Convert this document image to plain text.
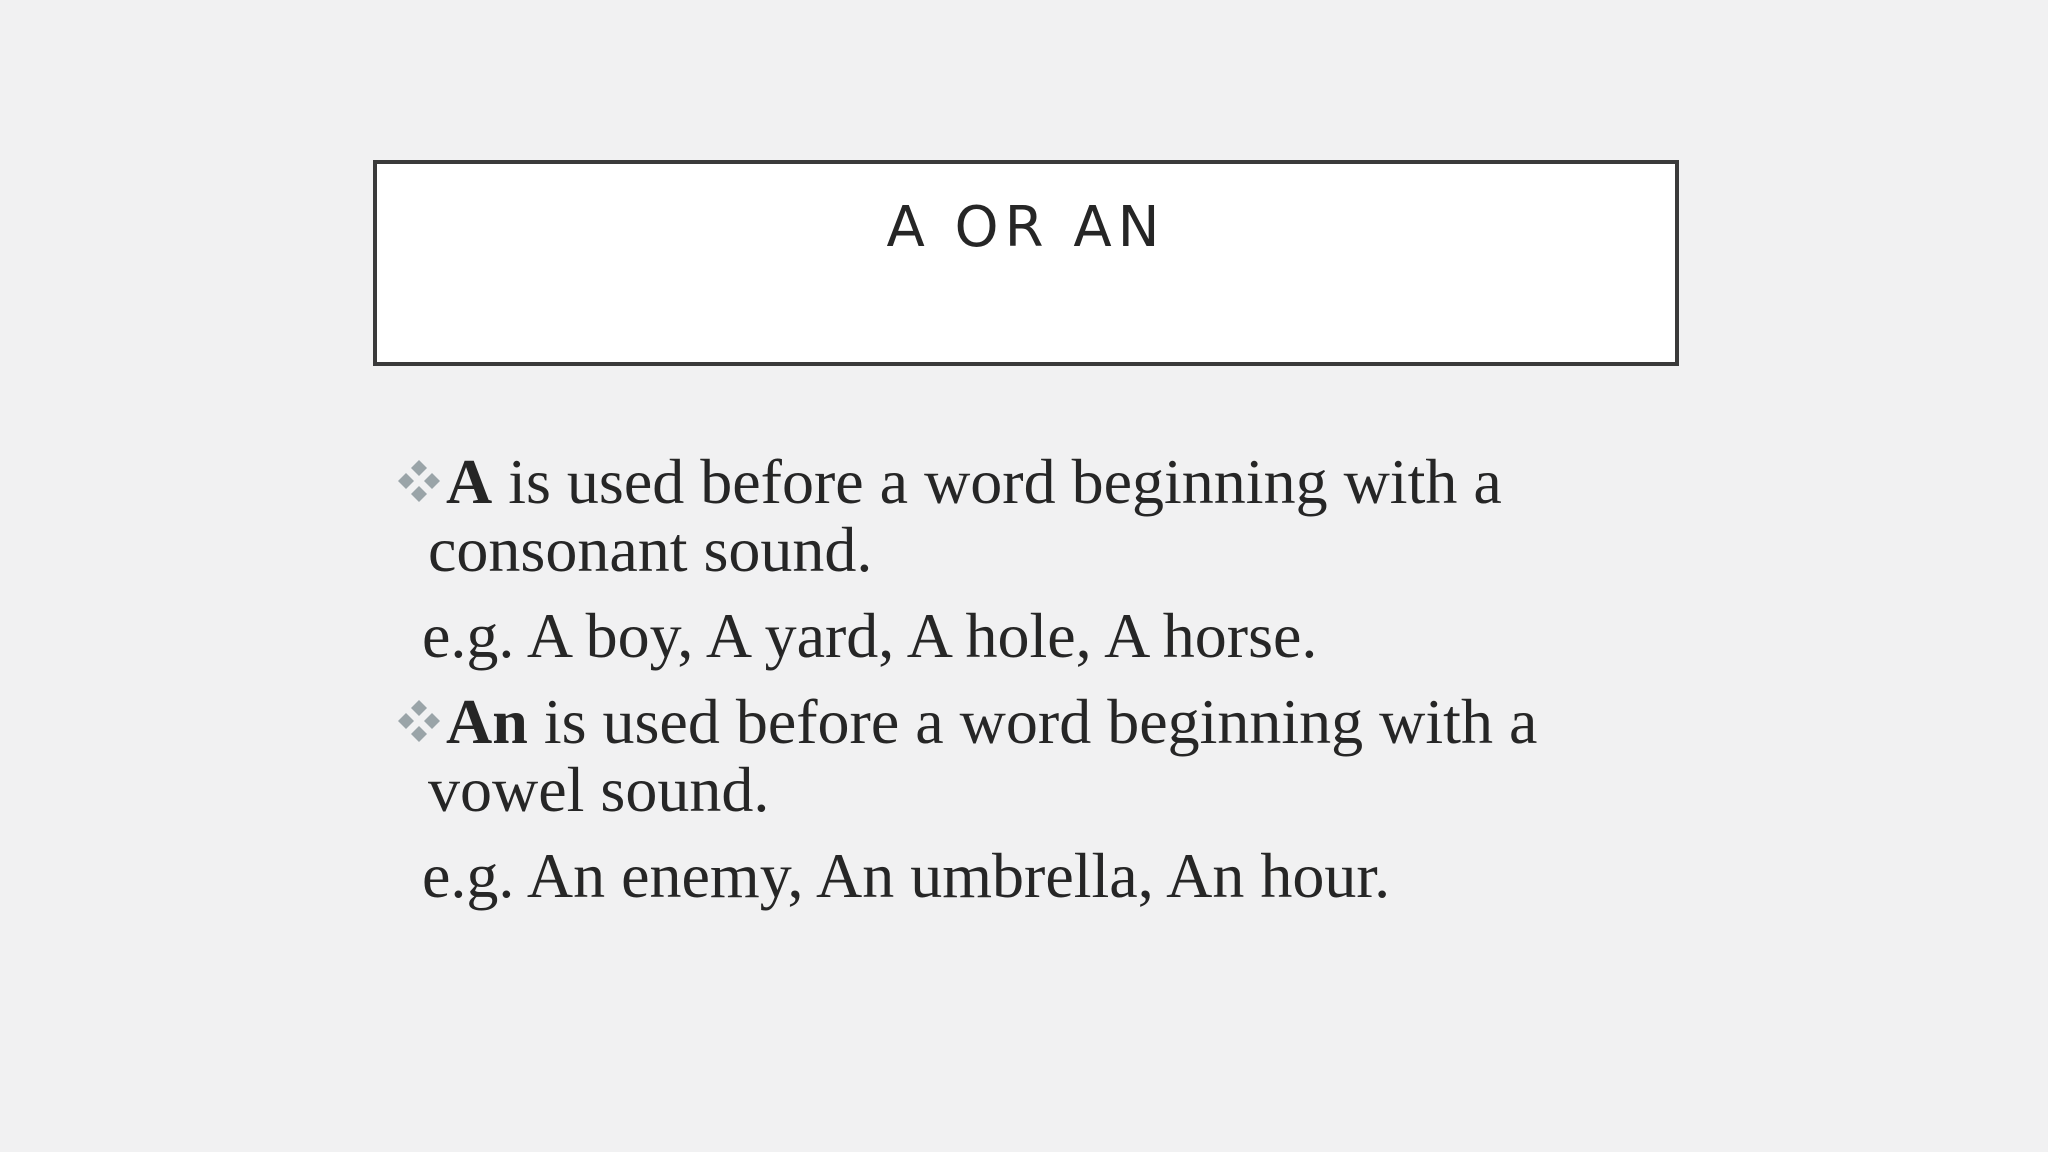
A OR AN
A is used before a word beginning with a
consonant sound.
e.g. A boy, A yard, A hole, A horse.
An is used before a word beginning with a
vowel sound.
e.g. An enemy, An umbrella, An hour.
